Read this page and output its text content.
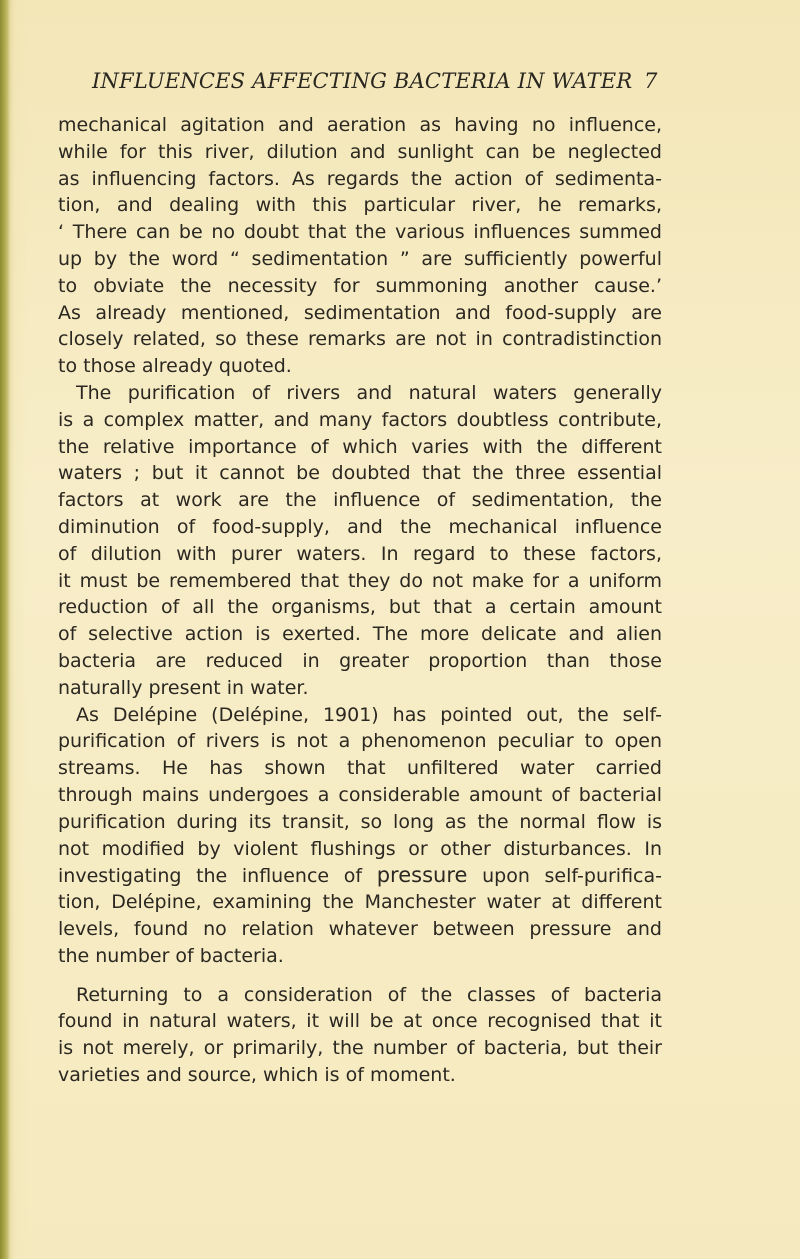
INFLUENCES AFFECTING BACTERIA IN WATER 7
mechanical agitation and aeration as having no influence,
while for this river, dilution and sunlight can be neglected
as influencing factors. As regards the action of sedimenta-
tion, and dealing with this particular river, he remarks,
‘ There can be no doubt that the various influences summed
up by the word “ sedimentation ” are sufficiently powerful
to obviate the necessity for summoning another cause.’
As already mentioned, sedimentation and food-supply are
closely related, so these remarks are not in contradistinction
to those already quoted.
The purification of rivers and natural waters generally
is a complex matter, and many factors doubtless contribute,
the relative importance of which varies with the different
waters ; but it cannot be doubted that the three essential
factors at work are the influence of sedimentation, the
diminution of food-supply, and the mechanical influence
of dilution with purer waters. In regard to these factors,
it must be remembered that they do not make for a uniform
reduction of all the organisms, but that a certain amount
of selective action is exerted. The more delicate and alien
bacteria are reduced in greater proportion than those
naturally present in water.
As Delépine (Delépine, 1901) has pointed out, the self-
purification of rivers is not a phenomenon peculiar to open
streams. He has shown that unfiltered water carried
through mains undergoes a considerable amount of bacterial
purification during its transit, so long as the normal flow is
not modified by violent flushings or other disturbances. In
investigating the influence of pressure upon self-purifica-
tion, Delépine, examining the Manchester water at different
levels, found no relation whatever between pressure and
the number of bacteria.
Returning to a consideration of the classes of bacteria
found in natural waters, it will be at once recognised that it
is not merely, or primarily, the number of bacteria, but their
varieties and source, which is of moment.
